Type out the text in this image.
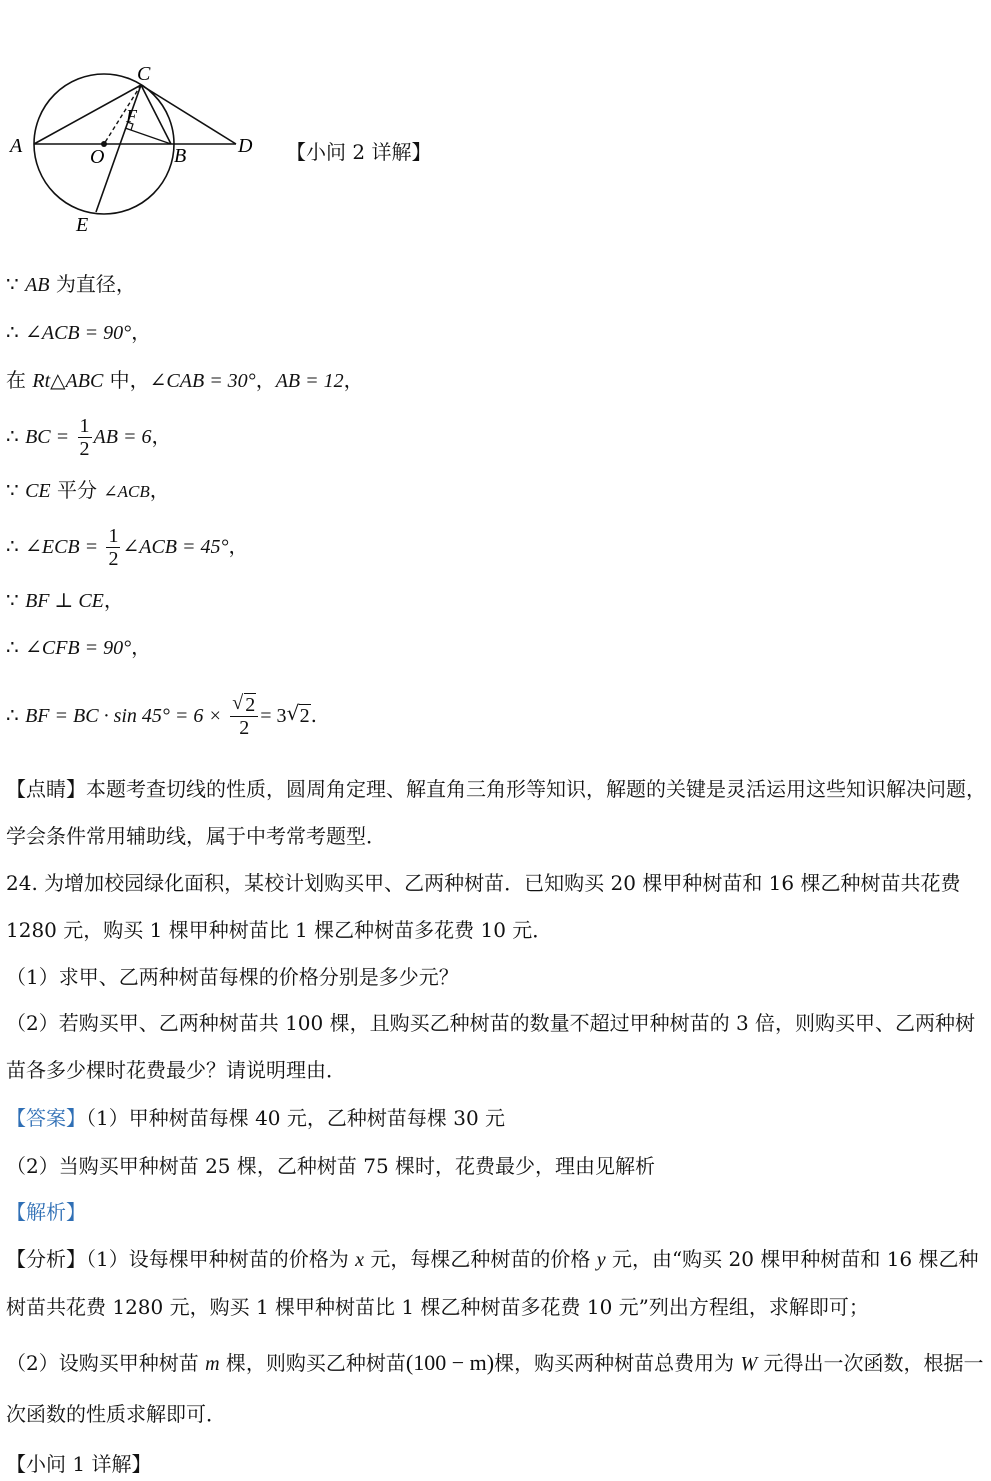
A
C
F
O	B	D
E
【小问 2 详解】
∵ AB 为直径，
∴ ∠ACB = 90°，
在 Rt△ABC 中，∠CAB = 30°，AB = 12，
∴ BC = $\frac{1}{2}$ AB = 6，
∵ CE 平分 ∠ACB，
∴ ∠ECB = $\frac{1}{2}$ ∠ACB = 45°，
∵ BF ⊥ CE，
∴ ∠CFB = 90°，
∴ BF = BC · $\sin 45^\circ = 6 \times \frac{√ 2}{2} = 3$ √ 2.
【点睛】本题考查切线的性质，圆周角定理、解直角三角形等知识，解题的关键是灵活运用这些知识解决问题，学会条件常用辅助线，属于中考常考题型．
24. 为增加校园绿化面积，某校计划购买甲、乙两种树苗．已知购买 20 棵甲种树苗和 16 棵乙种树苗共花费 1280 元，购买 1 棵甲种树苗比 1 棵乙种树苗多花费 10 元．
（1）求甲、乙两种树苗每棵的价格分别是多少元？
（2）若购买甲、乙两种树苗共 100 棵，且购买乙种树苗的数量不超过甲种树苗的 3 倍，则购买甲、乙两种树苗各多少棵时花费最少？请说明理由．
【答案】（1）甲种树苗每棵 40 元，乙种树苗每棵 30 元
（2）当购买甲种树苗 25 棵，乙种树苗 75 棵时，花费最少，理由见解析
【解析】
【分析】（1）设每棵甲种树苗的价格为 x 元，每棵乙种树苗的价格 y 元，由“购买 20 棵甲种树苗和 16 棵乙种树苗共花费 1280 元，购买 1 棵甲种树苗比 1 棵乙种树苗多花费 10 元”列出方程组，求解即可；
（2）设购买甲种树苗 m 棵，则购买乙种树苗(100 − m)棵，购买两种树苗总费用为 W 元得出一次函数，根据一次函数的性质求解即可．
【小问 1 详解】
